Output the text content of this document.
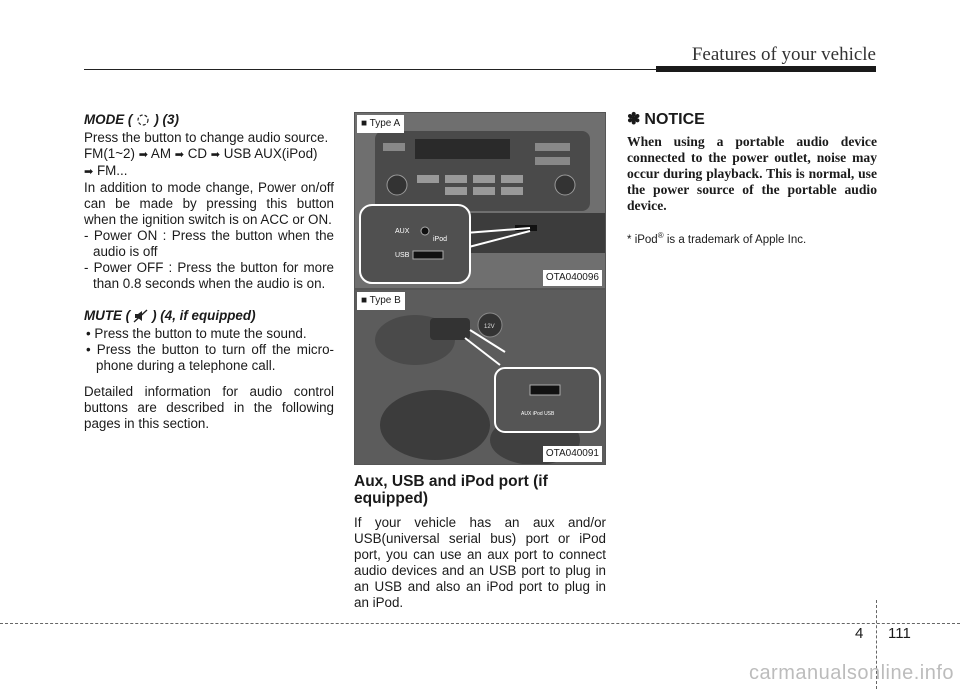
Features of your vehicle
MODE ( ) (3)

Press the button to change audio source.

FM(1~2) ➡ AM ➡ CD ➡ USB AUX(iPod)
➡ FM...

In addition to mode change, Power on/off can be made by pressing this button when the ignition switch is on ACC or ON.

- Power ON : Press the button when the audio is off

- Power OFF : Press the button for more than 0.8 seconds when the audio is on.

MUTE ( ) (4, if equipped)

• Press the button to mute the sound.

• Press the button to turn off the micro-phone during a telephone call.

Detailed information for audio control buttons are described in the following pages in this section.

■ Type A
AUX
USB
iPod
OTA040096
■ Type B
12V
AUX iPod USB
OTA040091
Aux, USB and iPod port (if equipped)

If your vehicle has an aux and/or USB(universal serial bus) port or iPod port, you can use an aux port to connect audio devices and an USB port to plug in an USB and also an iPod port to plug in an iPod.

✽ NOTICE
When using a portable audio device connected to the power outlet, noise may occur during playback. This is normal, use the power source of the portable audio device.
* iPod® is a trademark of Apple Inc.
4 111
carmanualsonline.info
